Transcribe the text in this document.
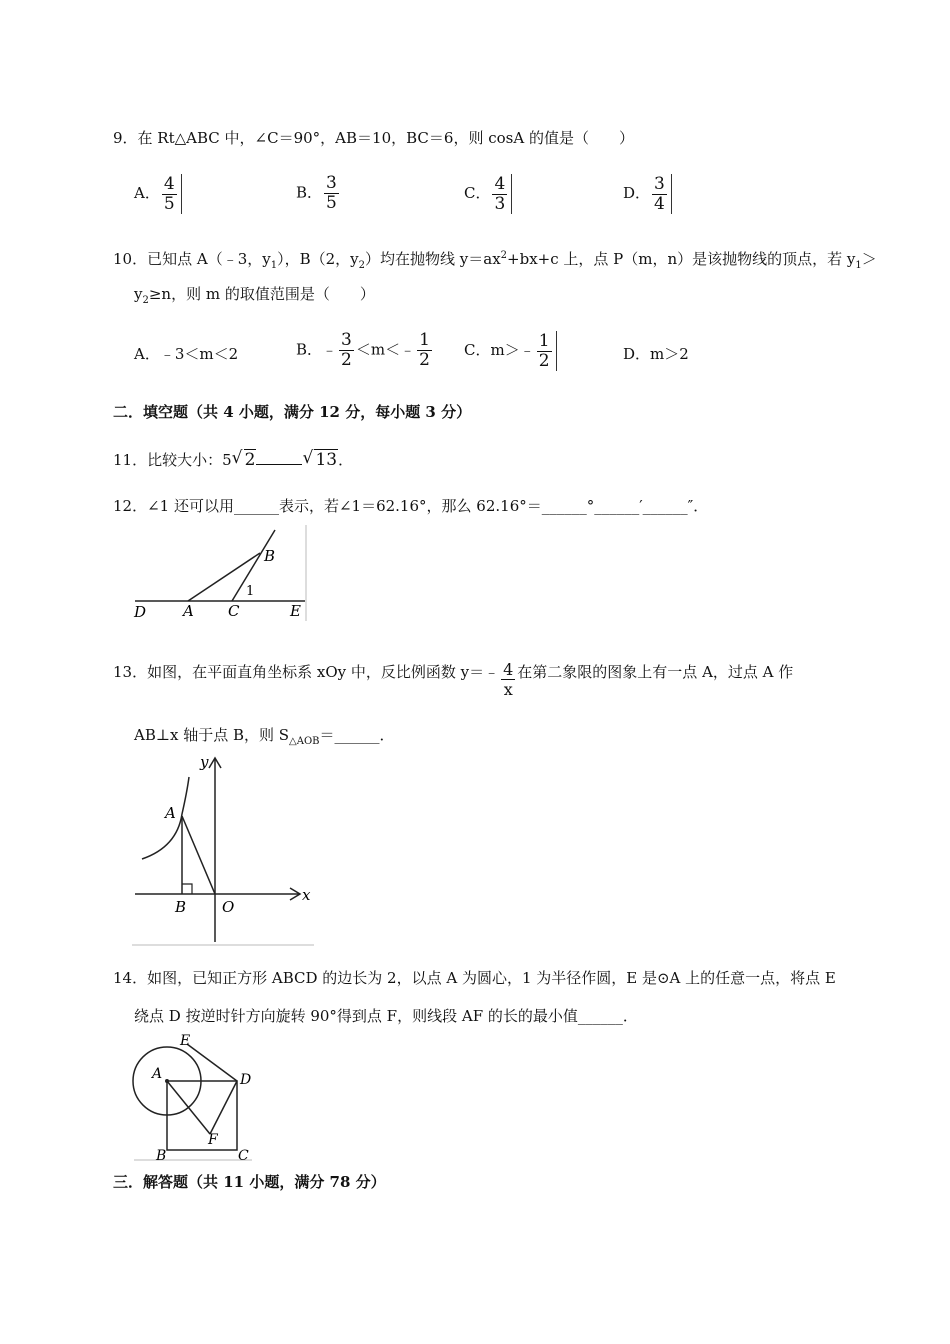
9．在 Rt△ABC 中，∠C＝90°，AB＝10，BC＝6，则 cosA 的值是（　　）
A． $\frac{4}{5}$	B． $\frac{3}{5}$	C． $\frac{4}{3}$	D． $\frac{3}{4}$
10．已知点 A（﹣3，$y_1$），B（2，$y_2$）均在抛物线 $y=ax^2+bx+c$ 上，点 P（m，n）是该抛物线的顶点，若 $y_1>$
$y_2\ge n$，则 m 的取值范围是（　　）
A．﹣3＜m＜2	B．﹣ $\frac{3}{2}$ ＜m＜﹣ $\frac{1}{2}$ C．m＞﹣ $\frac{1}{2}$	D．m＞2
二．填空题（共 4 小题，满分 12 分，每小题 3 分）
11．比较大小：5 √ 2	√ 13．
12．∠1 还可以用______表示，若∠1＝62.16°，那么 62.16°＝______°______′______″．
D A C	E
B
1
13．如图，在平面直角坐标系 xOy 中，反比例函数 y＝﹣ $\frac{4}{x}$ 在第二象限的图象上有一点 A，过点 A 作
AB⊥x 轴于点 B，则 $S_{\triangle AOB}=\_\_\_\_\_\_$．
y
x
A
B O
14．如图，已知正方形 ABCD 的边长为 2，以点 A 为圆心，1 为半径作圆，E 是⊙A 上的任意一点，将点 E
绕点 D 按逆时针方向旋转 90°得到点 F，则线段 AF 的长的最小值______．
E
A	D
B	C
F
三．解答题（共 11 小题，满分 78 分）
